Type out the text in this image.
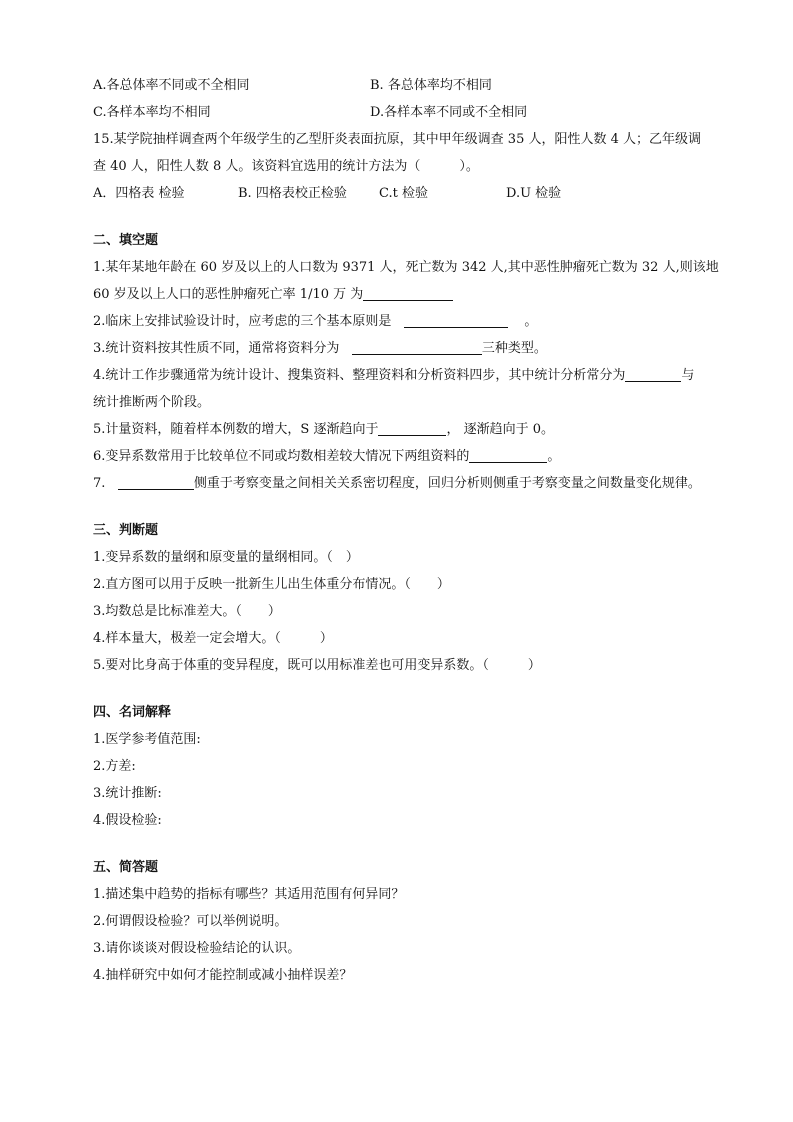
A.各总体率不同或不全相同	B. 各总体率均不相同
C.各样本率均不相同	D.各样本率不同或不全相同
15.某学院抽样调查两个年级学生的乙型肝炎表面抗原，其中甲年级调查 35 人，阳性人数 4 人；乙年级调
查 40 人，阳性人数 8 人。该资料宜选用的统计方法为（　　　）。
A．四格表 检验	B. 四格表校正检验 C.t 检验	D.U 检验
二、填空题
1.某年某地年龄在 60 岁及以上的人口数为 9371 人，死亡数为 342 人,其中恶性肿瘤死亡数为 32 人,则该地
60 岁及以上人口的恶性肿瘤死亡率 1/10 万 为
2.临床上安排试验设计时，应考虑的三个基本原则是	。
3.统计资料按其性质不同，通常将资料分为	三种类型。
4.统计工作步骤通常为统计设计、搜集资料、整理资料和分析资料四步，其中统计分析常分为	与
统计推断两个阶段。
5.计量资料，随着样本例数的增大，S 逐渐趋向于	， 逐渐趋向于 0。
6.变异系数常用于比较单位不同或均数相差较大情况下两组资料的	。
7.	侧重于考察变量之间相关关系密切程度，回归分析则侧重于考察变量之间数量变化规律。
三、判断题
1.变异系数的量纲和原变量的量纲相同。（　）
2.直方图可以用于反映一批新生儿出生体重分布情况。（　　）
3.均数总是比标准差大。（　　）
4.样本量大，极差一定会增大。（　　　）
5.要对比身高于体重的变异程度，既可以用标准差也可用变异系数。（　　　）
四、名词解释
1.医学参考值范围:
2.方差:
3.统计推断:
4.假设检验:
五、简答题
1.描述集中趋势的指标有哪些？其适用范围有何异同？
2.何谓假设检验？可以举例说明。
3.请你谈谈对假设检验结论的认识。
4.抽样研究中如何才能控制或减小抽样误差？
